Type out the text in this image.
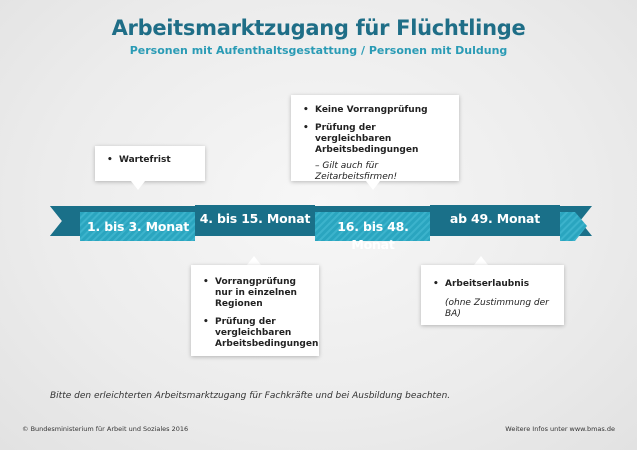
Arbeitsmarktzugang für Flüchtlinge
Personen mit Aufenthaltsgestattung / Personen mit Duldung
1. bis 3. Monat
4. bis 15. Monat
16. bis 48. Monat
ab 49. Monat
• Wartefrist
• Keine Vorrangprüfung
• Prüfung der vergleichbaren Arbeitsbedingungen
– Gilt auch für Zeitarbeitsfirmen!
• Vorrangprüfung nur in einzelnen Regionen
• Prüfung der vergleichbaren Arbeitsbedingungen
• Arbeitserlaubnis
(ohne Zustimmung der BA)
Bitte den erleichterten Arbeitsmarktzugang für Fachkräfte und bei Ausbildung beachten.
© Bundesministerium für Arbeit und Soziales 2016	Weitere Infos unter www.bmas.de
